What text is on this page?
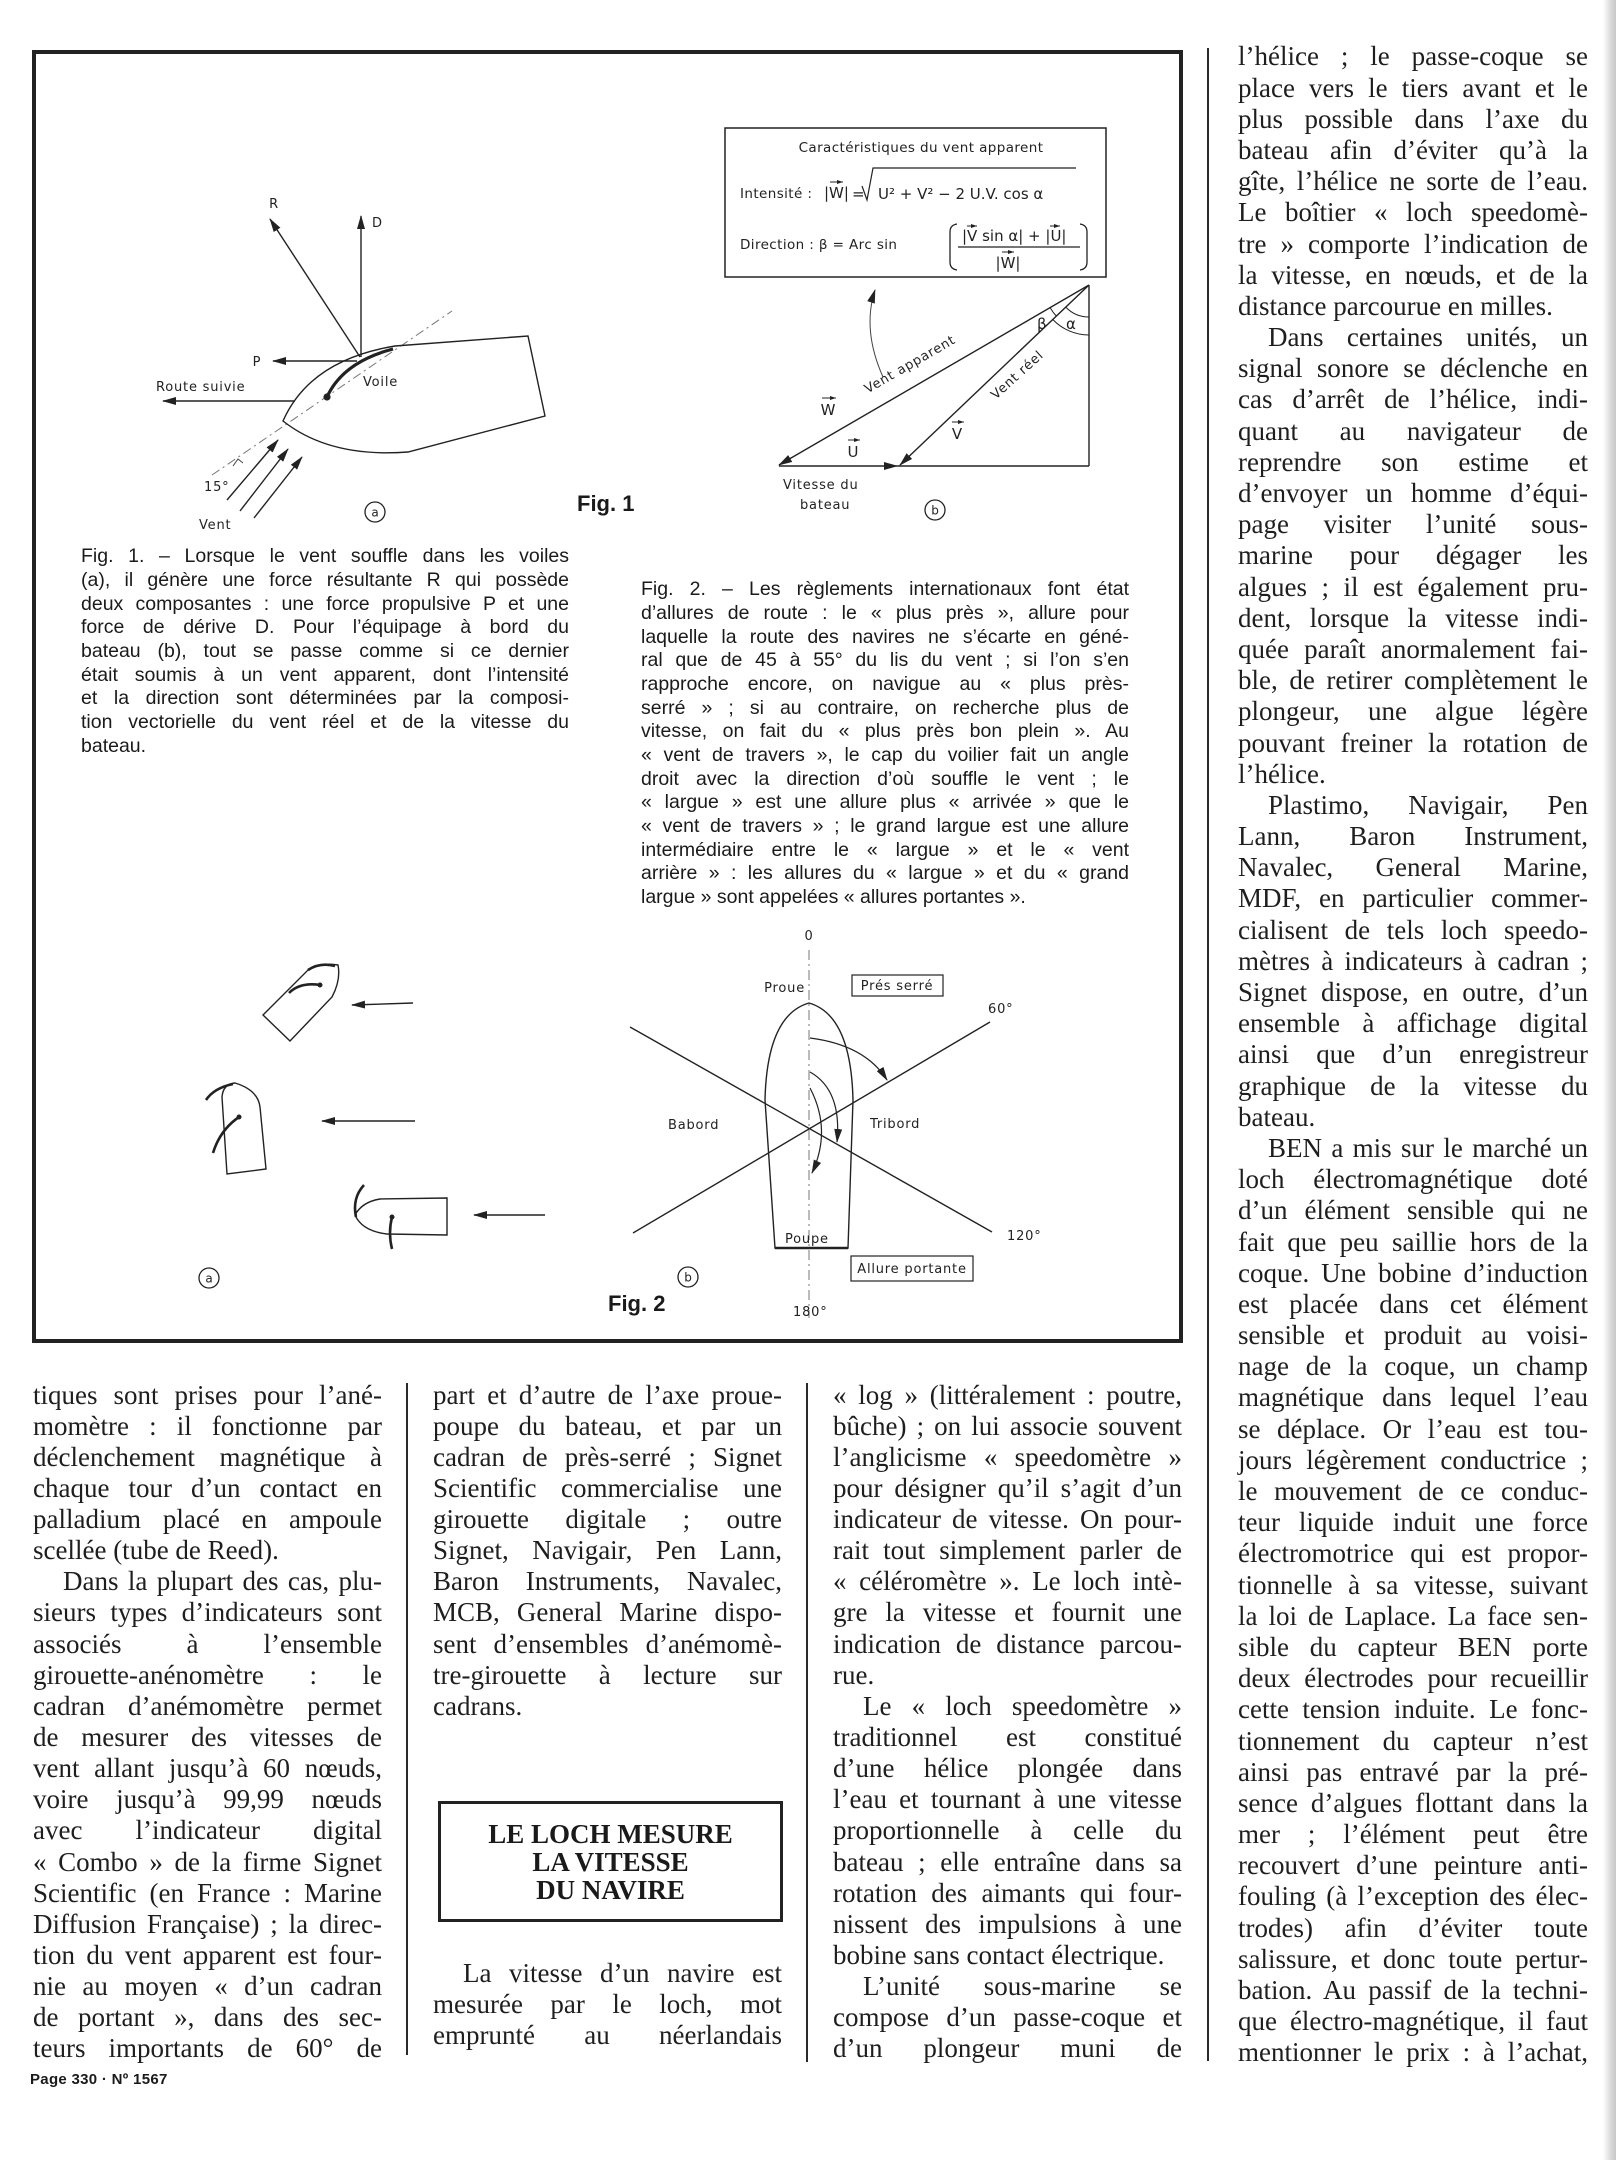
R
D
P
Route suivie	Voile
15°
Vent
a	Fig. 1
Caractéristiques du vent apparent
Intensité : |W| = U² + V² − 2 U.V. cos α
Direction : β = Arc sin	|V sin α| + |U|
|W|
Vent apparent Vent réel
W
U
V
β α
Vitesse du
bateau	b
a
0
Proue	Prés serré
60°
Babord	Tribord
Poupe	120°
Allure portante
180°
b
Fig. 2
Fig. 1. – Lorsque le vent souffle dans les voiles
(a), il génère une force résultante R qui possède
deux composantes : une force propulsive P et une
force de dérive D. Pour l’équipage à bord du
bateau (b), tout se passe comme si ce dernier
était soumis à un vent apparent, dont l’intensité
et la direction sont déterminées par la composi-
tion vectorielle du vent réel et de la vitesse du
bateau.
Fig. 2. – Les règlements internationaux font état
d’allures de route : le « plus près », allure pour
laquelle la route des navires ne s’écarte en géné-
ral que de 45 à 55° du lis du vent ; si l’on s’en
rapproche encore, on navigue au « plus près-
serré » ; si au contraire, on recherche plus de
vitesse, on fait du « plus près bon plein ». Au
« vent de travers », le cap du voilier fait un angle
droit avec la direction d’où souffle le vent ; le
« largue » est une allure plus « arrivée » que le
« vent de travers » ; le grand largue est une allure
intermédiaire entre le « largue » et le « vent
arrière » : les allures du « largue » et du « grand
largue » sont appelées « allures portantes ».
tiques sont prises pour l’ané-
momètre : il fonctionne par
déclenchement magnétique à
chaque tour d’un contact en
palladium placé en ampoule
scellée (tube de Reed).
Dans la plupart des cas, plu-
sieurs types d’indicateurs sont
associés à l’ensemble
girouette-anénomètre : le
cadran d’anémomètre permet
de mesurer des vitesses de
vent allant jusqu’à 60 nœuds,
voire jusqu’à 99,99 nœuds
avec l’indicateur digital
« Combo » de la firme Signet
Scientific (en France : Marine
Diffusion Française) ; la direc-
tion du vent apparent est four-
nie au moyen « d’un cadran
de portant », dans des sec-
teurs importants de 60° de
part et d’autre de l’axe proue-
poupe du bateau, et par un
cadran de près-serré ; Signet
Scientific commercialise une
girouette digitale ; outre
Signet, Navigair, Pen Lann,
Baron Instruments, Navalec,
MCB, General Marine dispo-
sent d’ensembles d’anémomè-
tre-girouette à lecture sur
cadrans.
LE LOCH MESURE
LA VITESSE
DU NAVIRE
La vitesse d’un navire est
mesurée par le loch, mot
emprunté au néerlandais
« log » (littéralement : poutre,
bûche) ; on lui associe souvent
l’anglicisme « speedomètre »
pour désigner qu’il s’agit d’un
indicateur de vitesse. On pour-
rait tout simplement parler de
« céléromètre ». Le loch intè-
gre la vitesse et fournit une
indication de distance parcou-
rue.
Le « loch speedomètre »
traditionnel est constitué
d’une hélice plongée dans
l’eau et tournant à une vitesse
proportionnelle à celle du
bateau ; elle entraîne dans sa
rotation des aimants qui four-
nissent des impulsions à une
bobine sans contact électrique.
L’unité sous-marine se
compose d’un passe-coque et
d’un plongeur muni de
l’hélice ; le passe-coque se
place vers le tiers avant et le
plus possible dans l’axe du
bateau afin d’éviter qu’à la
gîte, l’hélice ne sorte de l’eau.
Le boîtier « loch speedomè-
tre » comporte l’indication de
la vitesse, en nœuds, et de la
distance parcourue en milles.
Dans certaines unités, un
signal sonore se déclenche en
cas d’arrêt de l’hélice, indi-
quant au navigateur de
reprendre son estime et
d’envoyer un homme d’équi-
page visiter l’unité sous-
marine pour dégager les
algues ; il est également pru-
dent, lorsque la vitesse indi-
quée paraît anormalement fai-
ble, de retirer complètement le
plongeur, une algue légère
pouvant freiner la rotation de
l’hélice.
Plastimo, Navigair, Pen
Lann, Baron Instrument,
Navalec, General Marine,
MDF, en particulier commer-
cialisent de tels loch speedo-
mètres à indicateurs à cadran ;
Signet dispose, en outre, d’un
ensemble à affichage digital
ainsi que d’un enregistreur
graphique de la vitesse du
bateau.
BEN a mis sur le marché un
loch électromagnétique doté
d’un élément sensible qui ne
fait que peu saillie hors de la
coque. Une bobine d’induction
est placée dans cet élément
sensible et produit au voisi-
nage de la coque, un champ
magnétique dans lequel l’eau
se déplace. Or l’eau est tou-
jours légèrement conductrice ;
le mouvement de ce conduc-
teur liquide induit une force
électromotrice qui est propor-
tionnelle à sa vitesse, suivant
la loi de Laplace. La face sen-
sible du capteur BEN porte
deux électrodes pour recueillir
cette tension induite. Le fonc-
tionnement du capteur n’est
ainsi pas entravé par la pré-
sence d’algues flottant dans la
mer ; l’élément peut être
recouvert d’une peinture anti-
fouling (à l’exception des élec-
trodes) afin d’éviter toute
salissure, et donc toute pertur-
bation. Au passif de la techni-
que électro-magnétique, il faut
mentionner le prix : à l’achat,
Page 330 · Nº 1567
